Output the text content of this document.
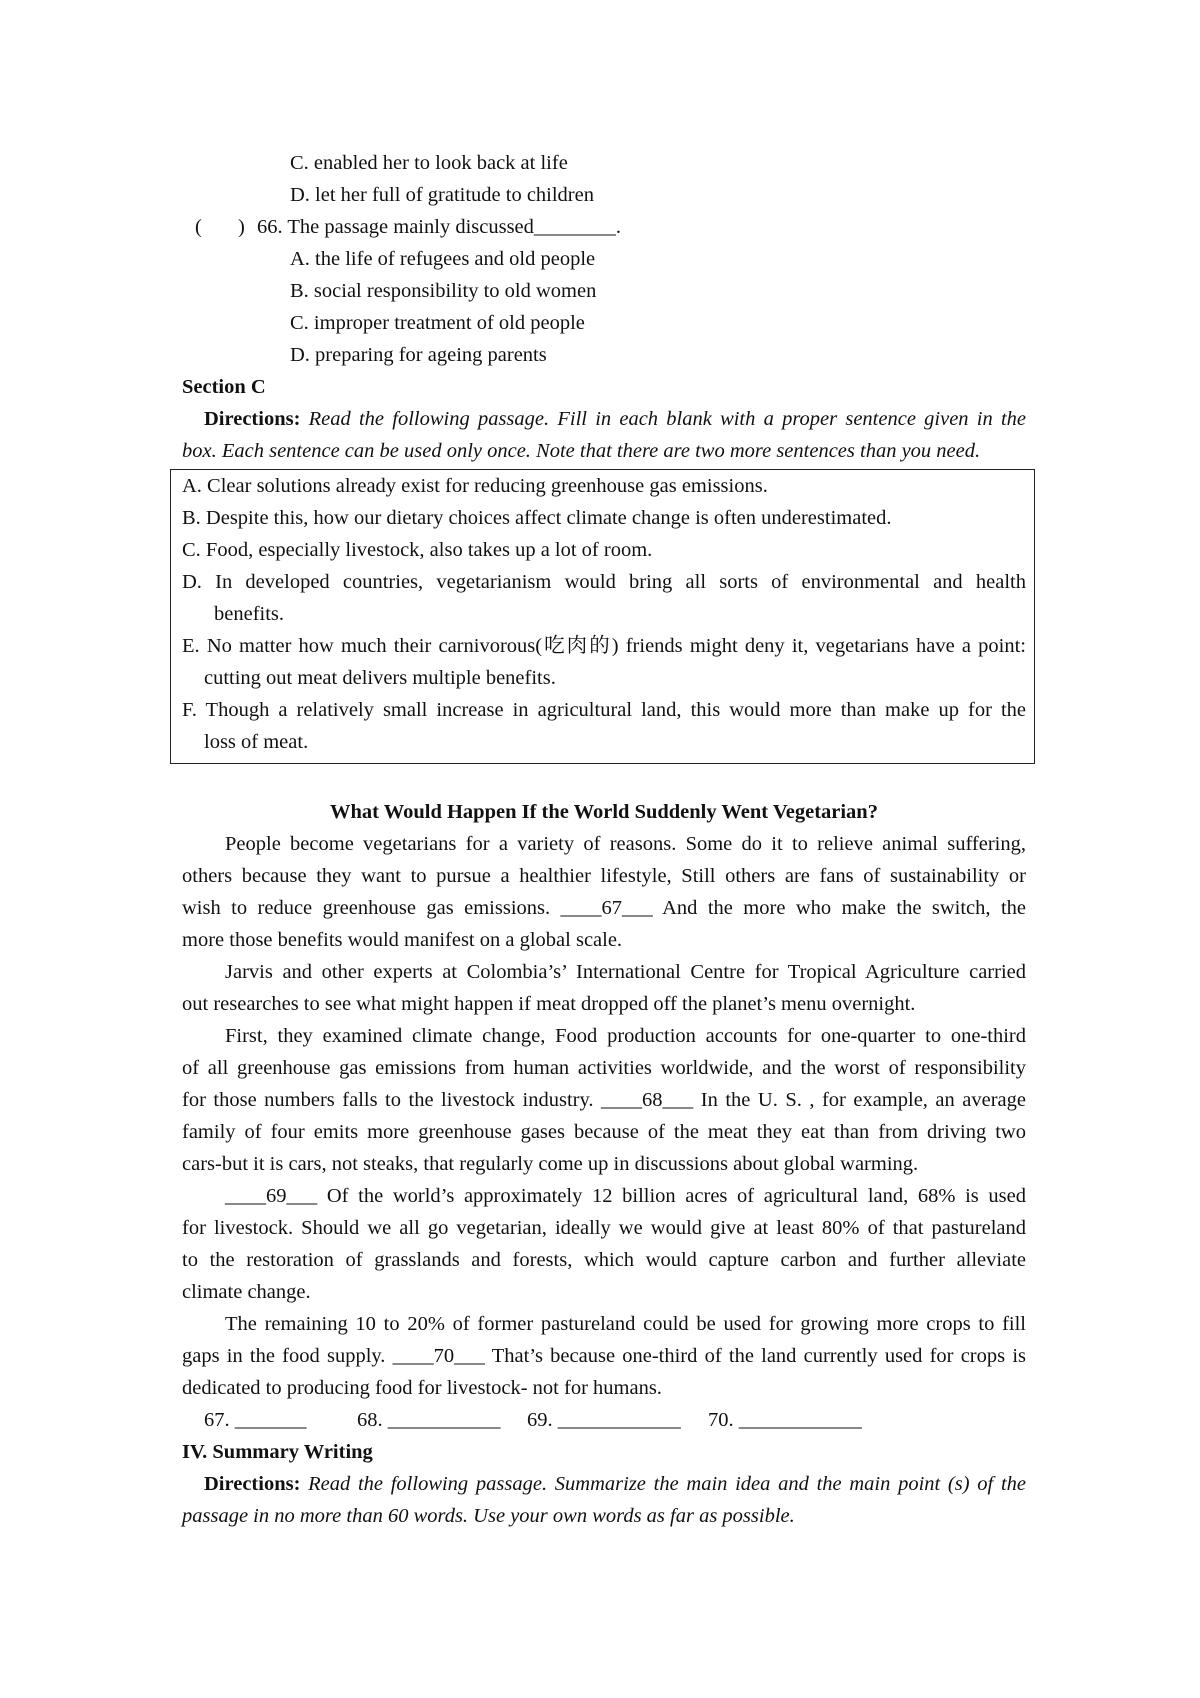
C. enabled her to look back at life
D. let her full of gratitude to children
( ) 66. The passage mainly discussed________.
A. the life of refugees and old people
B. social responsibility to old women
C. improper treatment of old people
D. preparing for ageing parents
Section C
Directions: Read the following passage. Fill in each blank with a proper sentence given in the
box. Each sentence can be used only once. Note that there are two more sentences than you need.
A. Clear solutions already exist for reducing greenhouse gas emissions.
B. Despite this, how our dietary choices affect climate change is often underestimated.
C. Food, especially livestock, also takes up a lot of room.
D. In developed countries, vegetarianism would bring all sorts of environmental and health
benefits.
E. No matter how much their carnivorous(吃肉的) friends might deny it, vegetarians have a point:
cutting out meat delivers multiple benefits.
F. Though a relatively small increase in agricultural land, this would more than make up for the
loss of meat.
What Would Happen If the World Suddenly Went Vegetarian?
People become vegetarians for a variety of reasons. Some do it to relieve animal suffering,
others because they want to pursue a healthier lifestyle, Still others are fans of sustainability or
wish to reduce greenhouse gas emissions. ____67___ And the more who make the switch, the
more those benefits would manifest on a global scale.
Jarvis and other experts at Colombia’s’ International Centre for Tropical Agriculture carried
out researches to see what might happen if meat dropped off the planet’s menu overnight.
First, they examined climate change, Food production accounts for one-quarter to one-third
of all greenhouse gas emissions from human activities worldwide, and the worst of responsibility
for those numbers falls to the livestock industry. ____68___ In the U. S. , for example, an average
family of four emits more greenhouse gases because of the meat they eat than from driving two
cars-but it is cars, not steaks, that regularly come up in discussions about global warming.
____69___ Of the world’s approximately 12 billion acres of agricultural land, 68% is used
for livestock. Should we all go vegetarian, ideally we would give at least 80% of that pastureland
to the restoration of grasslands and forests, which would capture carbon and further alleviate
climate change.
The remaining 10 to 20% of former pastureland could be used for growing more crops to fill
gaps in the food supply. ____70___ That’s because one-third of the land currently used for crops is
dedicated to producing food for livestock- not for humans.
67. _______ 68. ___________ 69. ____________ 70. ____________
IV. Summary Writing
Directions: Read the following passage. Summarize the main idea and the main point (s) of the
passage in no more than 60 words. Use your own words as far as possible.
